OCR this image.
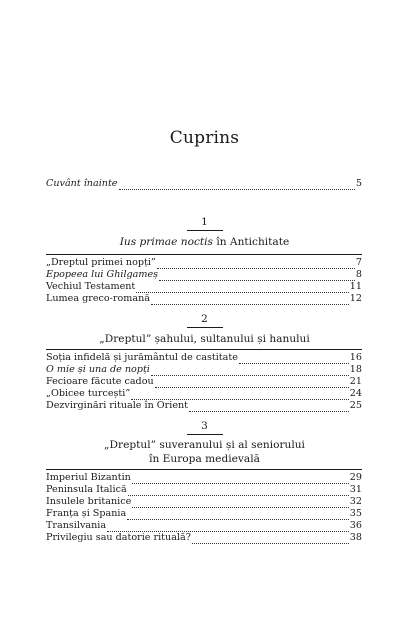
Cuprins
Cuvânt înainte	5
1
Ius primae noctis în Antichitate
„Dreptul primei nopți”	7
Epopeea lui Ghilgameș	8
Vechiul Testament	11
Lumea greco-romană	12
2
„Dreptul” șahului, sultanului și hanului
Soția infidelă și jurământul de castitate	16
O mie și una de nopți	18
Fecioare făcute cadou	21
„Obicee turcești”	24
Dezvirginări rituale în Orient	25
3
„Dreptul” suveranului și al seniorului
în Europa medievală
Imperiul Bizantin	29
Peninsula Italică	31
Insulele britanice	32
Franța și Spania	35
Transilvania	36
Privilegiu sau datorie rituală?	38
